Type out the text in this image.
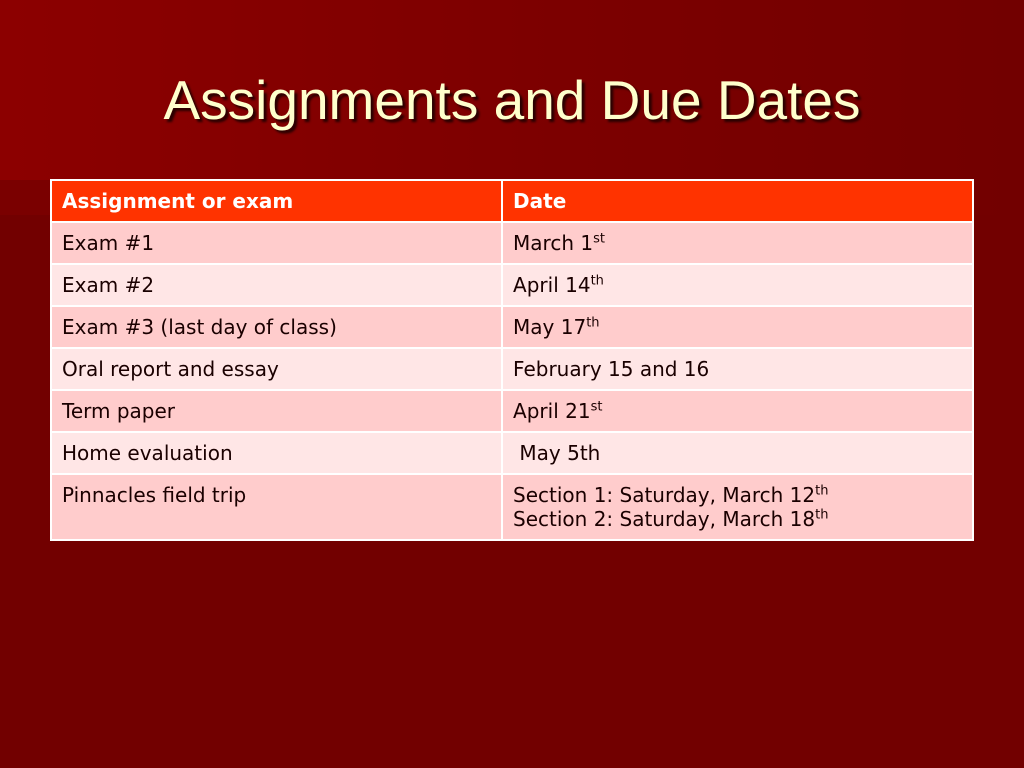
Assignments and Due Dates
Assignment or exam	Date
Exam #1	March 1st

Exam #2	April 14th

Exam #3 (last day of class)	May 17th

Oral report and essay	February 15 and 16

Term paper	April 21st

Home evaluation	May 5th

Pinnacles field trip	Section 1: Saturday, March 12th
Section 2: Saturday, March 18th
